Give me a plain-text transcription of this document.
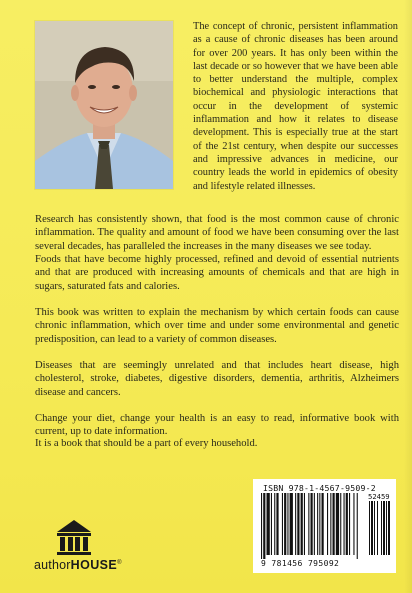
The concept of chronic, persistent inflammation as a cause of chronic diseases has been around for over 200 years. It has only been within the last decade or so however that we have been able to better understand the multiple, complex biochemical and physiologic interactions that occur in the development of systemic inflammation and how it relates to disease development. This is especially true at the start of the 21st century, when despite our successes and impressive advances in medicine, our country leads the world in epidemics of obesity and lifestyle related illnesses.

Research has consistently shown, that food is the most common cause of chronic inflammation. The quality and amount of food we have been consuming over the last several decades, has paralleled the increases in the many diseases we see today.

Foods that have become highly processed, refined and devoid of essential nutrients and that are produced with increasing amounts of chemicals and that are high in sugars, saturated fats and calories.

This book was written to explain the mechanism by which certain foods can cause chronic inflammation, which over time and under some environmental and genetic predisposition, can lead to a variety of common diseases.

Diseases that are seemingly unrelated and that includes heart disease, high cholesterol, stroke, diabetes, digestive disorders, dementia, arthritis, Alzheimers disease and cancers.

Change your diet, change your health is an easy to read, informative book with current, up to date information.

It is a book that should be a part of every household.

authorHOUSE®
ISBN 978-1-4567-9509-2
52459
9 781456 795092
